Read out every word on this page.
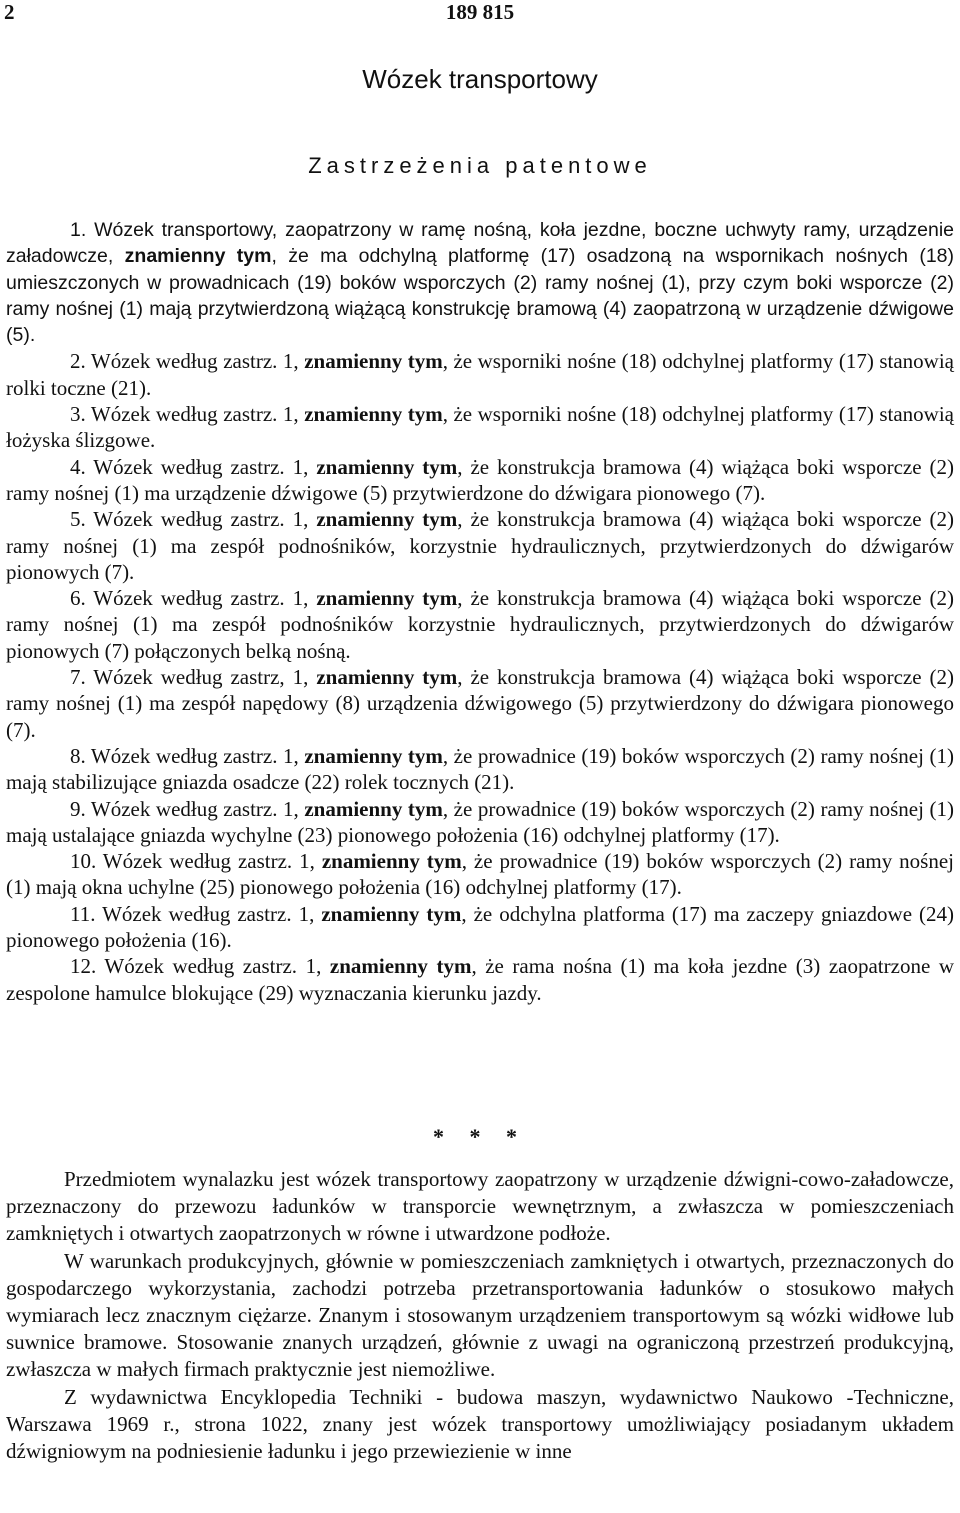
2	189 815
Wózek transportowy
Zastrzeżenia patentowe

1. Wózek transportowy, zaopatrzony w ramę nośną, koła jezdne, boczne uchwyty ramy, urządzenie załadowcze, znamienny tym, że ma odchylną platformę (17) osadzoną na wspornikach nośnych (18) umieszczonych w prowadnicach (19) boków wsporczych (2) ramy nośnej (1), przy czym boki wsporcze (2) ramy nośnej (1) mają przytwierdzoną wiążącą konstrukcję bramową (4) zaopatrzoną w urządzenie dźwigowe (5).

2. Wózek według zastrz. 1, znamienny tym, że wsporniki nośne (18) odchylnej platformy (17) stanowią rolki toczne (21).

3. Wózek według zastrz. 1, znamienny tym, że wsporniki nośne (18) odchylnej platformy (17) stanowią łożyska ślizgowe.

4. Wózek według zastrz. 1, znamienny tym, że konstrukcja bramowa (4) wiążąca boki wsporcze (2) ramy nośnej (1) ma urządzenie dźwigowe (5) przytwierdzone do dźwigara pionowego (7).

5. Wózek według zastrz. 1, znamienny tym, że konstrukcja bramowa (4) wiążąca boki wsporcze (2) ramy nośnej (1) ma zespół podnośników, korzystnie hydraulicznych, przytwierdzonych do dźwigarów pionowych (7).

6. Wózek według zastrz. 1, znamienny tym, że konstrukcja bramowa (4) wiążąca boki wsporcze (2) ramy nośnej (1) ma zespół podnośników korzystnie hydraulicznych, przytwierdzonych do dźwigarów pionowych (7) połączonych belką nośną.

7. Wózek według zastrz, 1, znamienny tym, że konstrukcja bramowa (4) wiążąca boki wsporcze (2) ramy nośnej (1) ma zespół napędowy (8) urządzenia dźwigowego (5) przytwierdzony do dźwigara pionowego (7).

8. Wózek według zastrz. 1, znamienny tym, że prowadnice (19) boków wsporczych (2) ramy nośnej (1) mają stabilizujące gniazda osadcze (22) rolek tocznych (21).

9. Wózek według zastrz. 1, znamienny tym, że prowadnice (19) boków wsporczych (2) ramy nośnej (1) mają ustalające gniazda wychylne (23) pionowego położenia (16) odchylnej platformy (17).

10. Wózek według zastrz. 1, znamienny tym, że prowadnice (19) boków wsporczych (2) ramy nośnej (1) mają okna uchylne (25) pionowego położenia (16) odchylnej platformy (17).

11. Wózek według zastrz. 1, znamienny tym, że odchylna platforma (17) ma zaczepy gniazdowe (24) pionowego położenia (16).

12. Wózek według zastrz. 1, znamienny tym, że rama nośna (1) ma koła jezdne (3) zaopatrzone w zespolone hamulce blokujące (29) wyznaczania kierunku jazdy.

* * *

Przedmiotem wynalazku jest wózek transportowy zaopatrzony w urządzenie dźwigni-cowo-załadowcze, przeznaczony do przewozu ładunków w transporcie wewnętrznym, a zwłaszcza w pomieszczeniach zamkniętych i otwartych zaopatrzonych w równe i utwardzone podłoże.

W warunkach produkcyjnych, głównie w pomieszczeniach zamkniętych i otwartych, przeznaczonych do gospodarczego wykorzystania, zachodzi potrzeba przetransportowania ładunków o stosukowo małych wymiarach lecz znacznym ciężarze. Znanym i stosowanym urządzeniem transportowym są wózki widłowe lub suwnice bramowe. Stosowanie znanych urządzeń, głównie z uwagi na ograniczoną przestrzeń produkcyjną, zwłaszcza w małych firmach praktycznie jest niemożliwe.

Z wydawnictwa Encyklopedia Techniki - budowa maszyn, wydawnictwo Naukowo -Techniczne, Warszawa 1969 r., strona 1022, znany jest wózek transportowy umożliwiający posiadanym układem dźwigniowym na podniesienie ładunku i jego przewiezienie w inne
